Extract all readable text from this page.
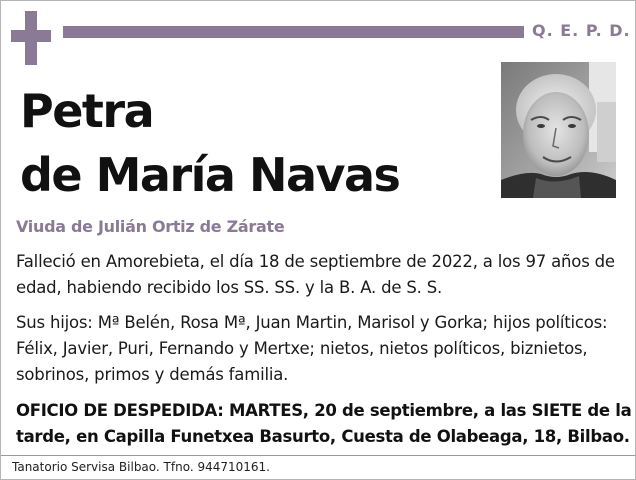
Q. E. P. D.
Petra
de María Navas
Viuda de Julián Ortiz de Zárate

Falleció en Amorebieta, el día 18 de septiembre de 2022, a los 97 años de
edad, habiendo recibido los SS. SS. y la B. A. de S. S.

Sus hijos: Mª Belén, Rosa Mª, Juan Martin, Marisol y Gorka; hijos políticos:
Félix, Javier, Puri, Fernando y Mertxe; nietos, nietos políticos, biznietos,
sobrinos, primos y demás familia.

OFICIO DE DESPEDIDA: MARTES, 20 de septiembre, a las SIETE de la
tarde, en Capilla Funetxea Basurto, Cuesta de Olabeaga, 18, Bilbao.

Tanatorio Servisa Bilbao. Tfno. 944710161.
